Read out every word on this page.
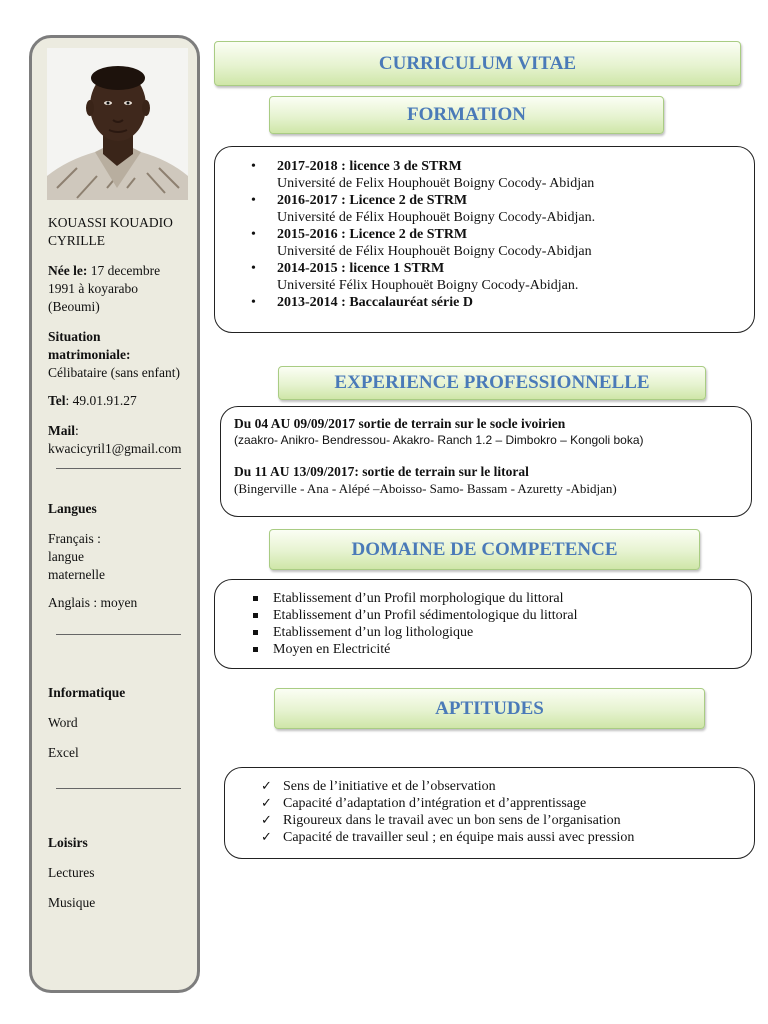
KOUASSI KOUADIO CYRILLE
Née le: 17 decembre 1991 à koyarabo (Beoumi)
Situation matrimoniale:
Célibataire (sans enfant)
Tel: 49.01.91.27
Mail:
kwacicyril1@gmail.com
Langues
Français : langue maternelle
Anglais : moyen
Informatique
Word
Excel
Loisirs
Lectures
Musique
CURRICULUM VITAE
FORMATION
• 2017-2018 : licence 3 de STRM
Université de Felix Houphouët Boigny Cocody- Abidjan
• 2016-2017 : Licence 2 de STRM
Université de Félix Houphouët Boigny Cocody-Abidjan.
• 2015-2016 : Licence 2 de STRM
Université de Félix Houphouët Boigny Cocody-Abidjan
• 2014-2015 : licence 1 STRM
Université Félix Houphouët Boigny Cocody-Abidjan.
• 2013-2014 : Baccalauréat série D
EXPERIENCE PROFESSIONNELLE
Du 04 AU 09/09/2017 sortie de terrain sur le socle ivoirien
(zaakro- Anikro- Bendressou- Akakro- Ranch 1.2 – Dimbokro – Kongoli boka)
Du 11 AU 13/09/2017: sortie de terrain sur le litoral
(Bingerville - Ana - Alépé –Aboisso- Samo- Bassam - Azuretty -Abidjan)
DOMAINE DE COMPETENCE
Etablissement d’un Profil morphologique du littoral
Etablissement d’un Profil sédimentologique du littoral
Etablissement d’un log lithologique
Moyen en Electricité
APTITUDES
✓ Sens de l’initiative et de l’observation
✓ Capacité d’adaptation d’intégration et d’apprentissage
✓ Rigoureux dans le travail avec un bon sens de l’organisation
✓ Capacité de travailler seul ; en équipe mais aussi avec pression
